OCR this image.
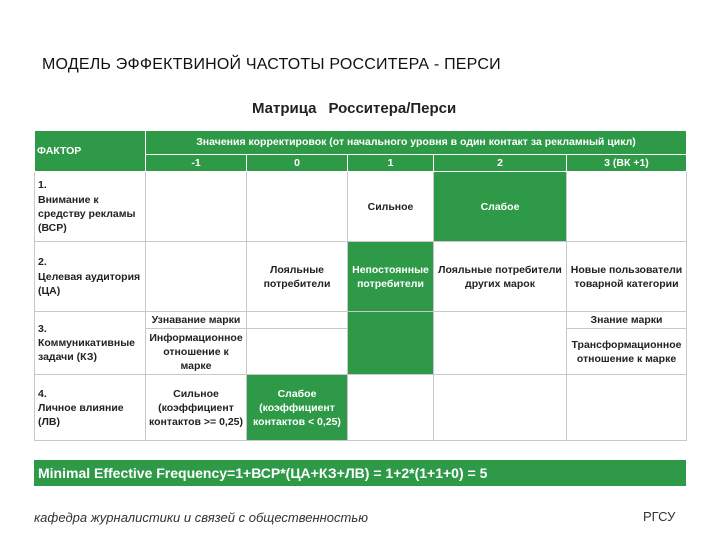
МОДЕЛЬ ЭФФЕКТВИНОЙ ЧАСТОТЫ РОССИТЕРА - ПЕРСИ
Матрица Росситера/Перси
ФАКТОР	Значения корректировок (от начального уровня в один контакт за рекламный цикл)				
	-1	0	1	2	3 (ВК +1)
1.
Внимание к средству рекламы (ВСР)			Сильное	Слабое	
2.
Целевая аудитория (ЦА)		Лояльные потребители	Непостоянные потребители	Лояльные потребители других марок	Новые пользователи товарной категории
3.
Коммуникативные задачи (КЗ)	Узнавание марки				Знание марки
	Информационное отношение к марке				Трансформационное отношение к марке
4.
Личное влияние (ЛВ)	Сильное (коэффициент контактов >= 0,25)	Слабое (коэффициент контактов < 0,25)			
Minimal Effective Frequency=1+ВСР*(ЦА+КЗ+ЛВ) = 1+2*(1+1+0) = 5
кафедра журналистики и связей с общественностью	РГСУ
